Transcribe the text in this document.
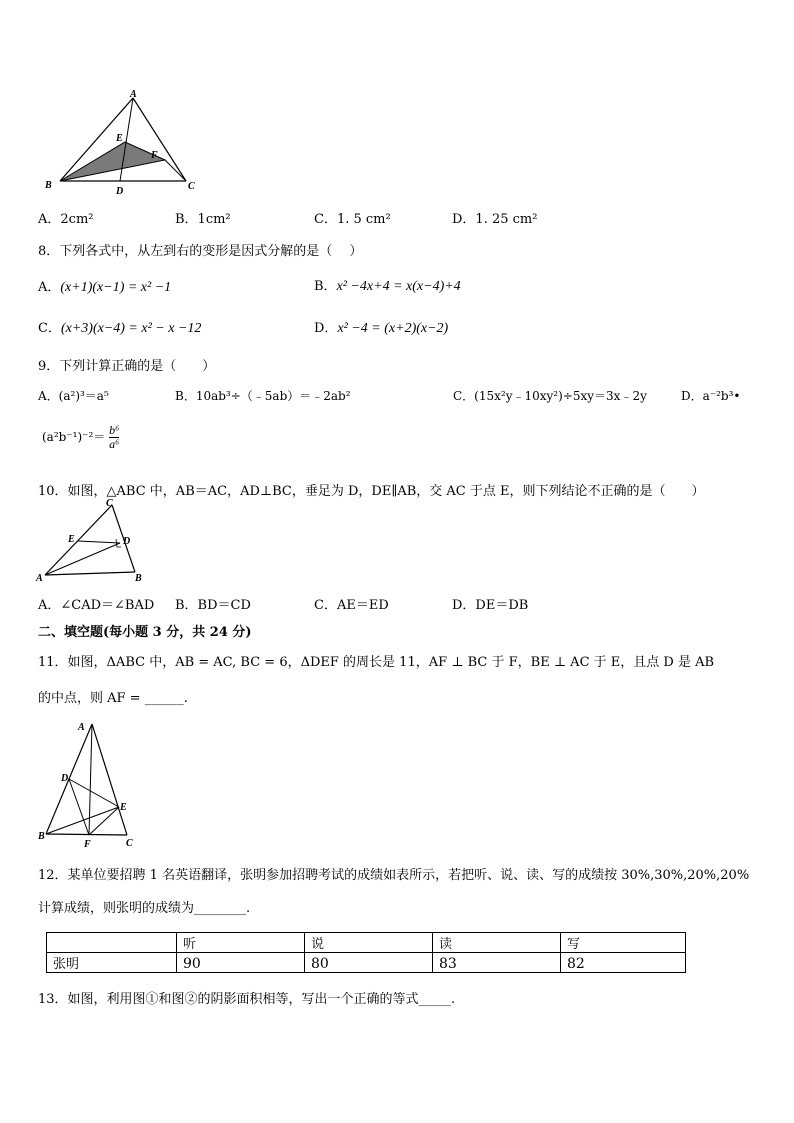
A
B	C
D
E
F
A．2cm²	B．1cm²	C．1. 5 cm²	D．1. 25 cm²
8．下列各式中，从左到右的变形是因式分解的是（　 ）
A．(x+1)(x−1) = x² −1	B．x² −4x+4 = x(x−4)+4
C．(x+3)(x−4) = x² − x −12	D．x² −4 = (x+2)(x−2)
9．下列计算正确的是（　　）
A．(a²)³＝a⁵	B．10ab³÷（﹣5ab）＝﹣2ab²	C．(15x²y﹣10xy²)÷5xy＝3x﹣2y	D．a⁻²b³•
$(a^2b^{-1})^{-2}= \frac{\text{b⁶}}{\text{a⁶}}$
10．如图，△ABC 中，AB＝AC，AD⊥BC，垂足为 D，DE∥AB，交 AC 于点 E，则下列结论不正确的是（　　）
C
E	D
A	B
A．∠CAD＝∠BAD B．BD＝CD	C．AE＝ED	D．DE＝DB
二、填空题(每小题 3 分，共 24 分)
11．如图，ΔABC 中，AB = AC, BC = 6，ΔDEF 的周长是 11，AF ⊥ BC 于 F，BE ⊥ AC 于 E，且点 D 是 AB
的中点，则 AF = ______.
A
D
E
B
F	C
12．某单位要招聘 1 名英语翻译，张明参加招聘考试的成绩如表所示，若把听、说、读、写的成绩按 30%,30%,20%,20%
计算成绩，则张明的成绩为________.
	听	说	读	写
张明	90	80	83	82
13．如图，利用图①和图②的阴影面积相等，写出一个正确的等式_____.
